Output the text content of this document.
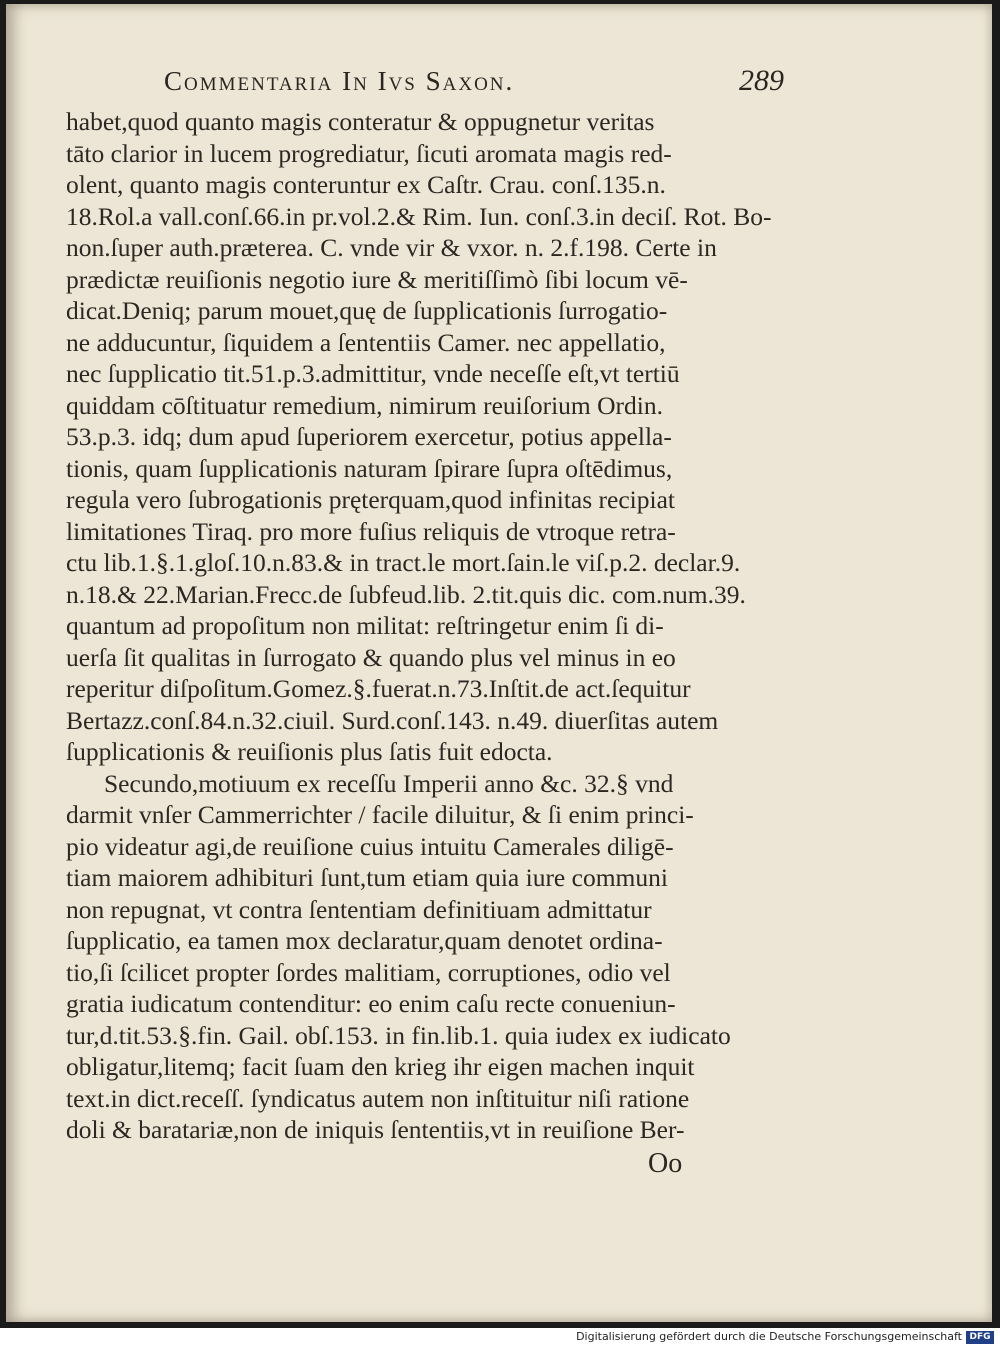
Commentaria In Ivs Saxon.	289
habet,quod quanto magis conteratur & oppugnetur veritas
tāto clarior in lucem progrediatur, ſicuti aromata magis red-
olent, quanto magis conteruntur ex Caſtr. Crau. conſ.135.n.
18.Rol.a vall.conſ.66.in pr.vol.2.& Rim. Iun. conſ.3.in deciſ. Rot. Bo-
non.ſuper auth.præterea. C. vnde vir & vxor. n. 2.f.198. Certe in
prædictæ reuiſionis negotio iure & meritiſſimò ſibi locum vē-
dicat.Deniq; parum mouet,quę de ſupplicationis ſurrogatio-
ne adducuntur, ſiquidem a ſententiis Camer. nec appellatio,
nec ſupplicatio tit.51.p.3.admittitur, vnde neceſſe eſt,vt tertiū
quiddam cōſtituatur remedium, nimirum reuiſorium Ordin.
53.p.3. idq; dum apud ſuperiorem exercetur, potius appella-
tionis, quam ſupplicationis naturam ſpirare ſupra oſtēdimus,
regula vero ſubrogationis pręterquam,quod infinitas recipiat
limitationes Tiraq. pro more fuſius reliquis de vtroque retra-
ctu lib.1.§.1.gloſ.10.n.83.& in tract.le mort.ſain.le viſ.p.2. declar.9.
n.18.& 22.Marian.Frecc.de ſubfeud.lib. 2.tit.quis dic. com.num.39.
quantum ad propoſitum non militat: reſtringetur enim ſi di-
uerſa ſit qualitas in ſurrogato & quando plus vel minus in eo
reperitur diſpoſitum.Gomez.§.fuerat.n.73.Inſtit.de act.ſequitur
Bertazz.conſ.84.n.32.ciuil. Surd.conſ.143. n.49. diuerſitas autem
ſupplicationis & reuiſionis plus ſatis fuit edocta.
Secundo,motiuum ex receſſu Imperii anno &c. 32.§ vnd
darmit vnſer Cammerrichter / facile diluitur, & ſi enim princi-
pio videatur agi,de reuiſione cuius intuitu Camerales diligē-
tiam maiorem adhibituri ſunt,tum etiam quia iure communi
non repugnat, vt contra ſententiam definitiuam admittatur
ſupplicatio, ea tamen mox declaratur,quam denotet ordina-
tio,ſi ſcilicet propter ſordes malitiam, corruptiones, odio vel
gratia iudicatum contenditur: eo enim caſu recte conueniun-
tur,d.tit.53.§.fin. Gail. obſ.153. in fin.lib.1. quia iudex ex iudicato
obligatur,litemq; facit ſuam den krieg ihr eigen machen inquit
text.in dict.receſſ. ſyndicatus autem non inſtituitur niſi ratione
doli & baratariæ,non de iniquis ſententiis,vt in reuiſione Ber-
Oo
Digitalisierung gefördert durch die Deutsche Forschungsgemeinschaft DFG
